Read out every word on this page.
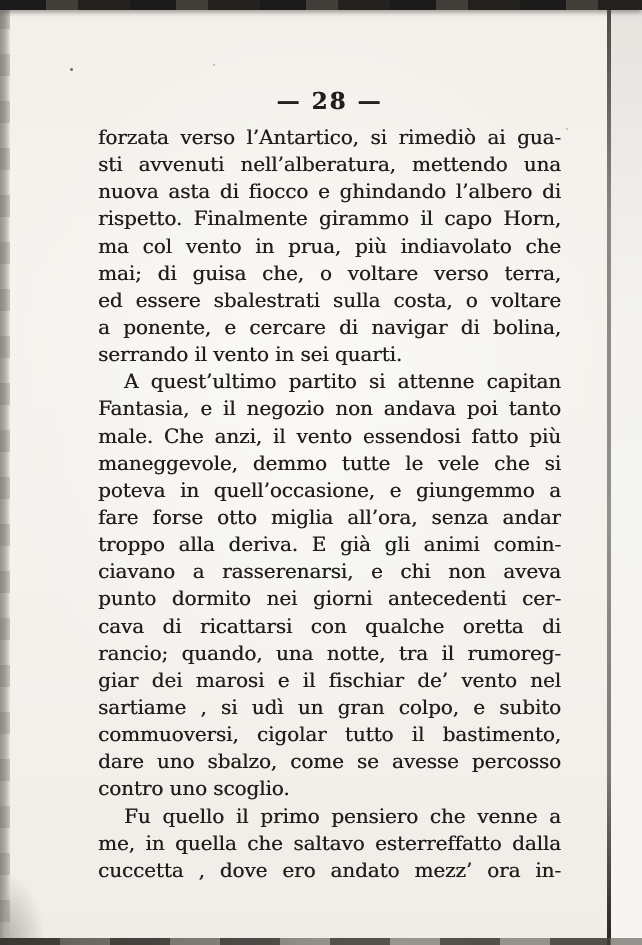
— 28 —
forzata verso l’Antartico, si rimediò ai gua-
sti avvenuti nell’alberatura, mettendo una
nuova asta di fiocco e ghindando l’albero di
rispetto. Finalmente girammo il capo Horn,
ma col vento in prua, più indiavolato che
mai; di guisa che, o voltare verso terra,
ed essere sbalestrati sulla costa, o voltare
a ponente, e cercare di navigar di bolina,
serrando il vento in sei quarti.
A quest’ultimo partito si attenne capitan
Fantasia, e il negozio non andava poi tanto
male. Che anzi, il vento essendosi fatto più
maneggevole, demmo tutte le vele che si
poteva in quell’occasione, e giungemmo a
fare forse otto miglia all’ora, senza andar
troppo alla deriva. E già gli animi comin-
ciavano a rasserenarsi, e chi non aveva
punto dormito nei giorni antecedenti cer-
cava di ricattarsi con qualche oretta di
rancio; quando, una notte, tra il rumoreg-
giar dei marosi e il fischiar de’ vento nel
sartiame , si udì un gran colpo, e subito
commuoversi, cigolar tutto il bastimento,
dare uno sbalzo, come se avesse percosso
contro uno scoglio.
Fu quello il primo pensiero che venne a
me, in quella che saltavo esterreffatto dalla
cuccetta , dove ero andato mezz’ ora in-
